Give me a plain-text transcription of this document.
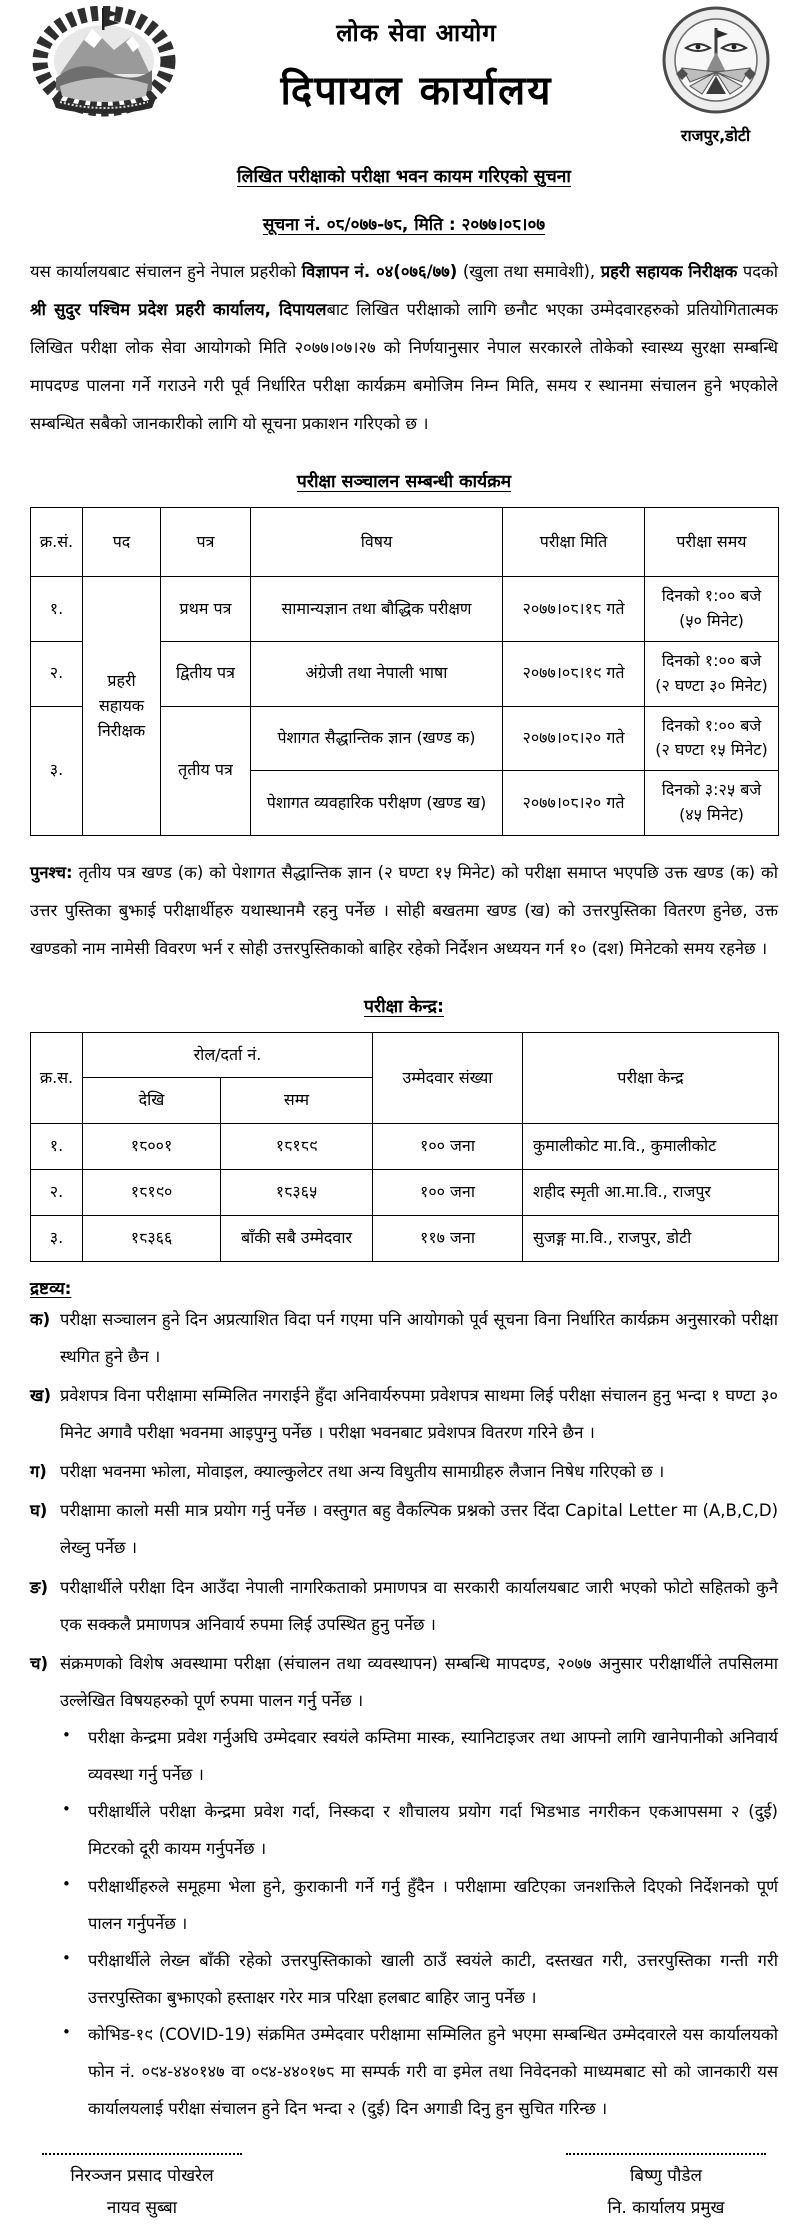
लोक सेवा आयोग
दिपायल कार्यालय
राजपुर,डोटी
लिखित परीक्षाको परीक्षा भवन कायम गरिएको सुचना
सूचना नं. ०८/०७७-७८, मिति : २०७७।०८।०७
यस कार्यालयबाट संचालन हुने नेपाल प्रहरीको विज्ञापन नं. ०४(०७६/७७) (खुला तथा समावेशी), प्रहरी सहायक निरीक्षक पदको श्री सुदुर पश्चिम प्रदेश प्रहरी कार्यालय, दिपायलबाट लिखित परीक्षाको लागि छनौट भएका उम्मेदवारहरुको प्रतियोगितात्मक लिखित परीक्षा लोक सेवा आयोगको मिति २०७७।०७।२७ को निर्णयानुसार नेपाल सरकारले तोकेको स्वास्थ्य सुरक्षा सम्बन्धि मापदण्ड पालना गर्ने गराउने गरी पूर्व निर्धारित परीक्षा कार्यक्रम बमोजिम निम्न मिति, समय र स्थानमा संचालन हुने भएकोले सम्बन्धित सबैको जानकारीको लागि यो सूचना प्रकाशन गरिएको छ ।
परीक्षा सञ्चालन सम्बन्धी कार्यक्रम
क्र.सं.	पद	पत्र	विषय	परीक्षा मिति	परीक्षा समय
१.	प्रहरी सहायक निरीक्षक	प्रथम पत्र	सामान्यज्ञान तथा बौद्धिक परीक्षण	२०७७।०८।१८ गते	दिनको १:०० बजे
(५० मिनेट)

२.		द्वितीय पत्र	अंग्रेजी तथा नेपाली भाषा	२०७७।०८।१९ गते	दिनको १:०० बजे
(२ घण्टा ३० मिनेट)

३.		तृतीय पत्र	पेशागत सैद्धान्तिक ज्ञान (खण्ड क)	२०७७।०८।२० गते	दिनको १:०० बजे
(२ घण्टा १५ मिनेट)

			पेशागत व्यवहारिक परीक्षण (खण्ड ख)	२०७७।०८।२० गते	दिनको ३:२५ बजे
(४५ मिनेट)
पुनश्च: तृतीय पत्र खण्ड (क) को पेशागत सैद्धान्तिक ज्ञान (२ घण्टा १५ मिनेट) को परीक्षा समाप्त भएपछि उक्त खण्ड (क) को उत्तर पुस्तिका बुझाई परीक्षार्थीहरु यथास्थानमै रहनु पर्नेछ । सोही बखतमा खण्ड (ख) को उत्तरपुस्तिका वितरण हुनेछ, उक्त खण्डको नाम नामेसी विवरण भर्न र सोही उत्तरपुस्तिकाको बाहिर रहेको निर्देशन अध्ययन गर्न १० (दश) मिनेटको समय रहनेछ ।
परीक्षा केन्द्र:
क्र.स.	रोल/दर्ता नं.		उम्मेदवार संख्या	परीक्षा केन्द्र
	देखि	सम्म		
१.	१८००१	१८१८९	१०० जना	कुमालीकोट मा.वि., कुमालीकोट
२.	१८१९०	१८३६५	१०० जना	शहीद स्मृती आ.मा.वि., राजपुर
३.	१८३६६	बाँकी सबै उम्मेदवार	११७ जना	सुजङ्ग मा.वि., राजपुर, डोटी
द्रष्टव्य:
क) परीक्षा सञ्चालन हुने दिन अप्रत्याशित विदा पर्न गएमा पनि आयोगको पूर्व सूचना विना निर्धारित कार्यक्रम अनुसारको परीक्षा स्थगित हुने छैन ।
ख) प्रवेशपत्र विना परीक्षामा सम्मिलित नगराईने हुँदा अनिवार्यरुपमा प्रवेशपत्र साथमा लिई परीक्षा संचालन हुनु भन्दा १ घण्टा ३० मिनेट अगावै परीक्षा भवनमा आइपुग्नु पर्नेछ । परीक्षा भवनबाट प्रवेशपत्र वितरण गरिने छैन ।
ग) परीक्षा भवनमा झोला, मोवाइल, क्याल्कुलेटर तथा अन्य विधुतीय सामाग्रीहरु लैजान निषेध गरिएको छ ।
घ) परीक्षामा कालो मसी मात्र प्रयोग गर्नु पर्नेछ । वस्तुगत बहु वैकल्पिक प्रश्नको उत्तर दिंदा Capital Letter मा (A,B,C,D) लेख्नु पर्नेछ ।
ङ) परीक्षार्थीले परीक्षा दिन आउँदा नेपाली नागरिकताको प्रमाणपत्र वा सरकारी कार्यालयबाट जारी भएको फोटो सहितको कुनै एक सक्कलै प्रमाणपत्र अनिवार्य रुपमा लिई उपस्थित हुनु पर्नेछ ।
च) संक्रमणको विशेष अवस्थामा परीक्षा (संचालन तथा व्यवस्थापन) सम्बन्धि मापदण्ड, २०७७ अनुसार परीक्षार्थीले तपसिलमा उल्लेखित विषयहरुको पूर्ण रुपमा पालन गर्नु पर्नेछ ।
•	परीक्षा केन्द्रमा प्रवेश गर्नुअघि उम्मेदवार स्वयंले कम्तिमा मास्क, स्यानिटाइजर तथा आफ्नो लागि खानेपानीको अनिवार्य व्यवस्था गर्नु पर्नेछ ।
•	परीक्षार्थीले परीक्षा केन्द्रमा प्रवेश गर्दा, निस्कदा र शौचालय प्रयोग गर्दा भिडभाड नगरीकन एकआपसमा २ (दुई) मिटरको दूरी कायम गर्नुपर्नेछ ।
•	परीक्षार्थीहरुले समूहमा भेला हुने, कुराकानी गर्ने गर्नु हुँदैन । परीक्षामा खटिएका जनशक्तिले दिएको निर्देशनको पूर्ण पालन गर्नुपर्नेछ ।
•	परीक्षार्थीले लेख्न बाँकी रहेको उत्तरपुस्तिकाको खाली ठाउँ स्वयंले काटी, दस्तखत गरी, उत्तरपुस्तिका गन्ती गरी उत्तरपुस्तिका बुझाएको हस्ताक्षर गरेर मात्र परिक्षा हलबाट बाहिर जानु पर्नेछ ।
•	कोभिड-१९ (COVID-19) संक्रमित उम्मेदवार परीक्षामा सम्मिलित हुने भएमा सम्बन्धित उम्मेदवारले यस कार्यालयको फोन नं. ०९४-४४०१४७ वा ०९४-४४०१७८ मा सम्पर्क गरी वा इमेल तथा निवेदनको माध्यमबाट सो को जानकारी यस कार्यालयलाई परीक्षा संचालन हुने दिन भन्दा २ (दुई) दिन अगाडी दिनु हुन सुचित गरिन्छ ।
निरञ्जन प्रसाद पोखरेल
नायव सुब्बा
बिष्णु पौडेल
नि. कार्यालय प्रमुख
